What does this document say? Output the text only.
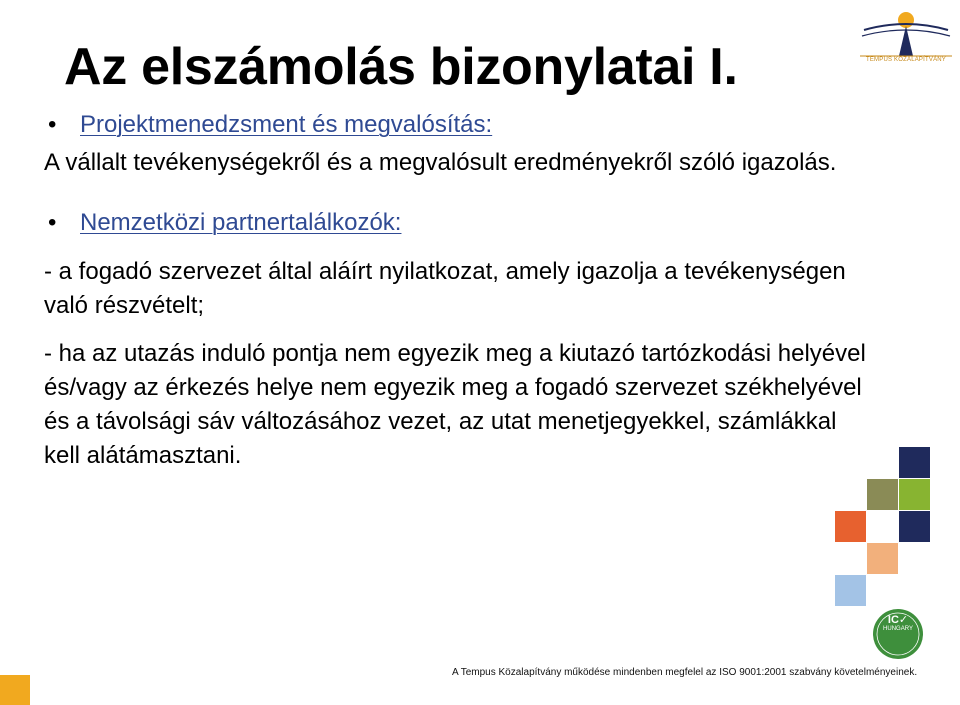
Az elszámolás bizonylatai I.
• Projektmenedzsment és megvalósítás:

A vállalt tevékenységekről és a megvalósult eredményekről szóló igazolás.

• Nemzetközi partnertalálkozók:

- a fogadó szervezet által aláírt nyilatkozat, amely igazolja a tevékenységen való részvételt;

- ha az utazás induló pontja nem egyezik meg a kiutazó tartózkodási helyével és/vagy az érkezés helye nem egyezik meg a fogadó szervezet székhelyével és a távolsági sáv változásához vezet, az utat menetjegyekkel, számlákkal kell alátámasztani.

TEMPUS KÖZALAPÍTVÁNY
IC✓
HUNGARY
A Tempus Közalapítvány működése mindenben megfelel az ISO 9001:2001 szabvány követelményeinek.
